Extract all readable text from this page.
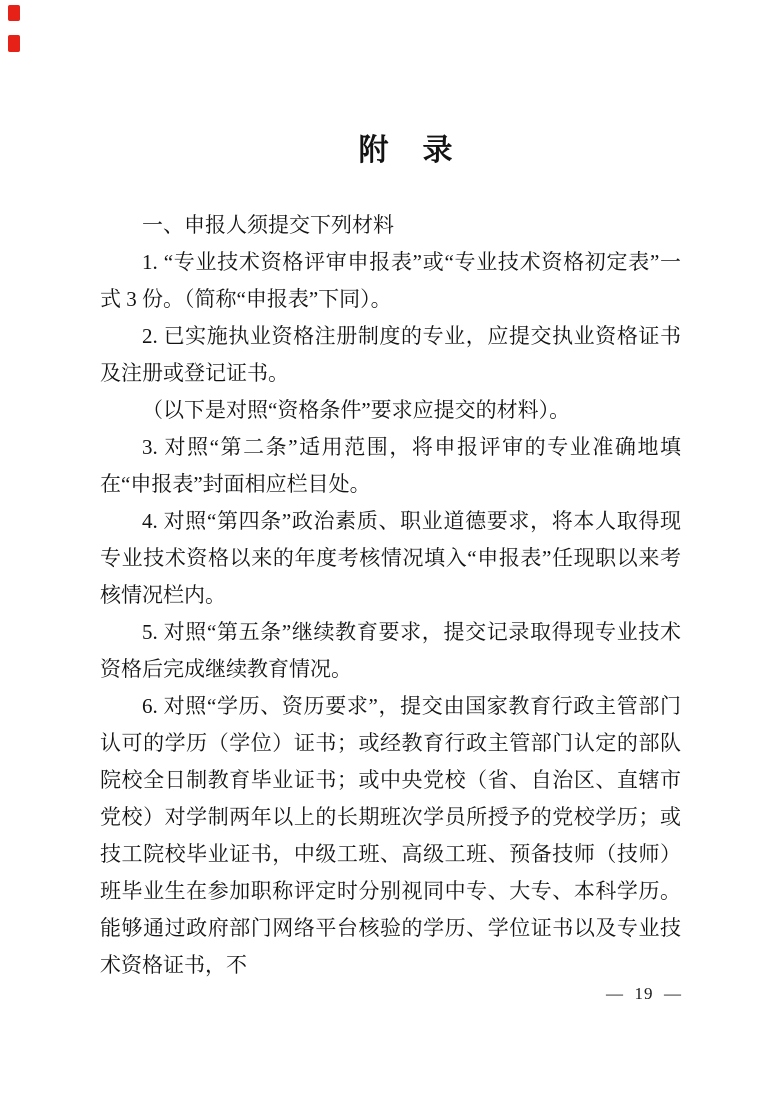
附　录

一、申报人须提交下列材料

1. “专业技术资格评审申报表”或“专业技术资格初定表”一式 3 份。（简称“申报表”下同）。

2. 已实施执业资格注册制度的专业，应提交执业资格证书及注册或登记证书。

（以下是对照“资格条件”要求应提交的材料）。

3. 对照“第二条”适用范围，将申报评审的专业准确地填在“申报表”封面相应栏目处。

4. 对照“第四条”政治素质、职业道德要求，将本人取得现专业技术资格以来的年度考核情况填入“申报表”任现职以来考核情况栏内。

5. 对照“第五条”继续教育要求，提交记录取得现专业技术资格后完成继续教育情况。

6. 对照“学历、资历要求”，提交由国家教育行政主管部门认可的学历（学位）证书；或经教育行政主管部门认定的部队院校全日制教育毕业证书；或中央党校（省、自治区、直辖市党校）对学制两年以上的长期班次学员所授予的党校学历；或技工院校毕业证书，中级工班、高级工班、预备技师（技师）班毕业生在参加职称评定时分别视同中专、大专、本科学历。能够通过政府部门网络平台核验的学历、学位证书以及专业技术资格证书，不

—  19  —
